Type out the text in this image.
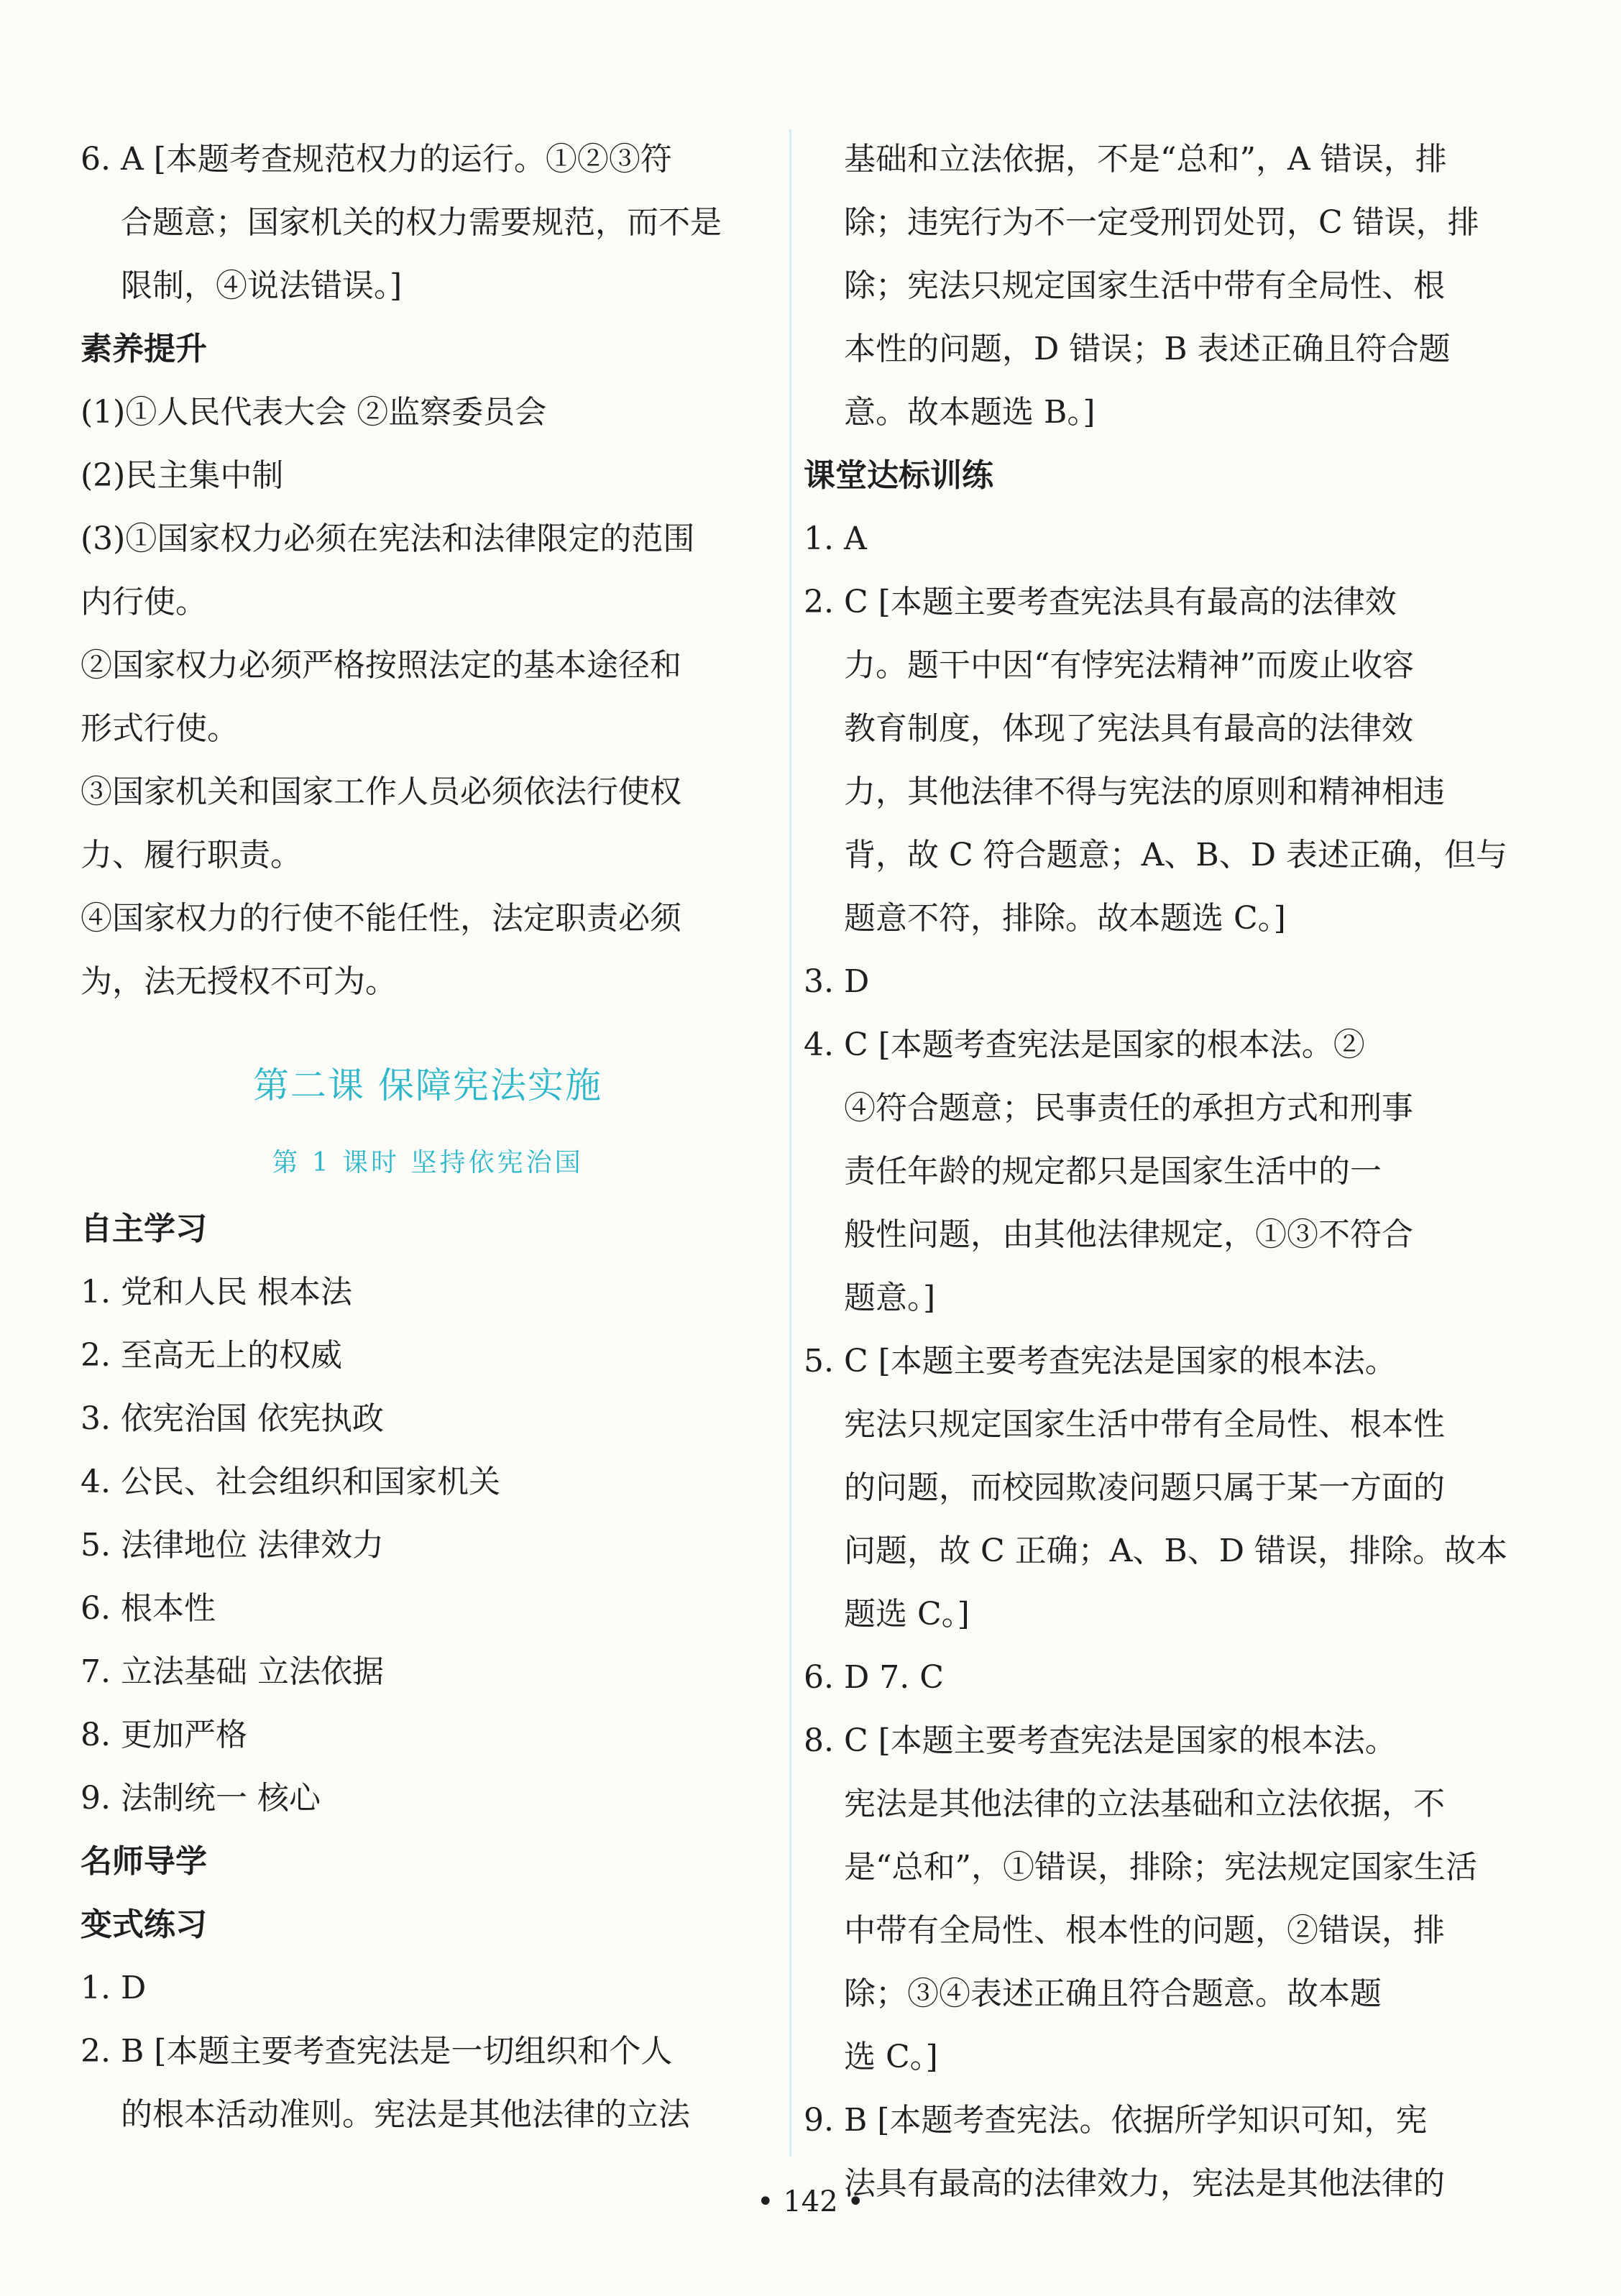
6. A [本题考查规范权力的运行。①②③符
合题意；国家机关的权力需要规范，而不是
限制，④说法错误。]
素养提升
(1)①人民代表大会 ②监察委员会
(2)民主集中制
(3)①国家权力必须在宪法和法律限定的范围
内行使。
②国家权力必须严格按照法定的基本途径和
形式行使。
③国家机关和国家工作人员必须依法行使权
力、履行职责。
④国家权力的行使不能任性，法定职责必须
为，法无授权不可为。
第二课 保障宪法实施
第 1 课时 坚持依宪治国
自主学习
1. 党和人民 根本法
2. 至高无上的权威
3. 依宪治国 依宪执政
4. 公民、社会组织和国家机关
5. 法律地位 法律效力
6. 根本性
7. 立法基础 立法依据
8. 更加严格
9. 法制统一 核心
名师导学
变式练习
1. D
2. B [本题主要考查宪法是一切组织和个人
的根本活动准则。宪法是其他法律的立法
基础和立法依据，不是“总和”，A 错误，排
除；违宪行为不一定受刑罚处罚，C 错误，排
除；宪法只规定国家生活中带有全局性、根
本性的问题，D 错误；B 表述正确且符合题
意。故本题选 B。]
课堂达标训练
1. A
2. C [本题主要考查宪法具有最高的法律效
力。题干中因“有悖宪法精神”而废止收容
教育制度，体现了宪法具有最高的法律效
力，其他法律不得与宪法的原则和精神相违
背，故 C 符合题意；A、B、D 表述正确，但与
题意不符，排除。故本题选 C。]
3. D
4. C [本题考查宪法是国家的根本法。②
④符合题意；民事责任的承担方式和刑事
责任年龄的规定都只是国家生活中的一
般性问题，由其他法律规定，①③不符合
题意。]
5. C [本题主要考查宪法是国家的根本法。
宪法只规定国家生活中带有全局性、根本性
的问题，而校园欺凌问题只属于某一方面的
问题，故 C 正确；A、B、D 错误，排除。故本
题选 C。]
6. D 7. C
8. C [本题主要考查宪法是国家的根本法。
宪法是其他法律的立法基础和立法依据，不
是“总和”，①错误，排除；宪法规定国家生活
中带有全局性、根本性的问题，②错误，排
除；③④表述正确且符合题意。故本题
选 C。]
9. B [本题考查宪法。依据所学知识可知，宪
法具有最高的法律效力，宪法是其他法律的
• 142 •
